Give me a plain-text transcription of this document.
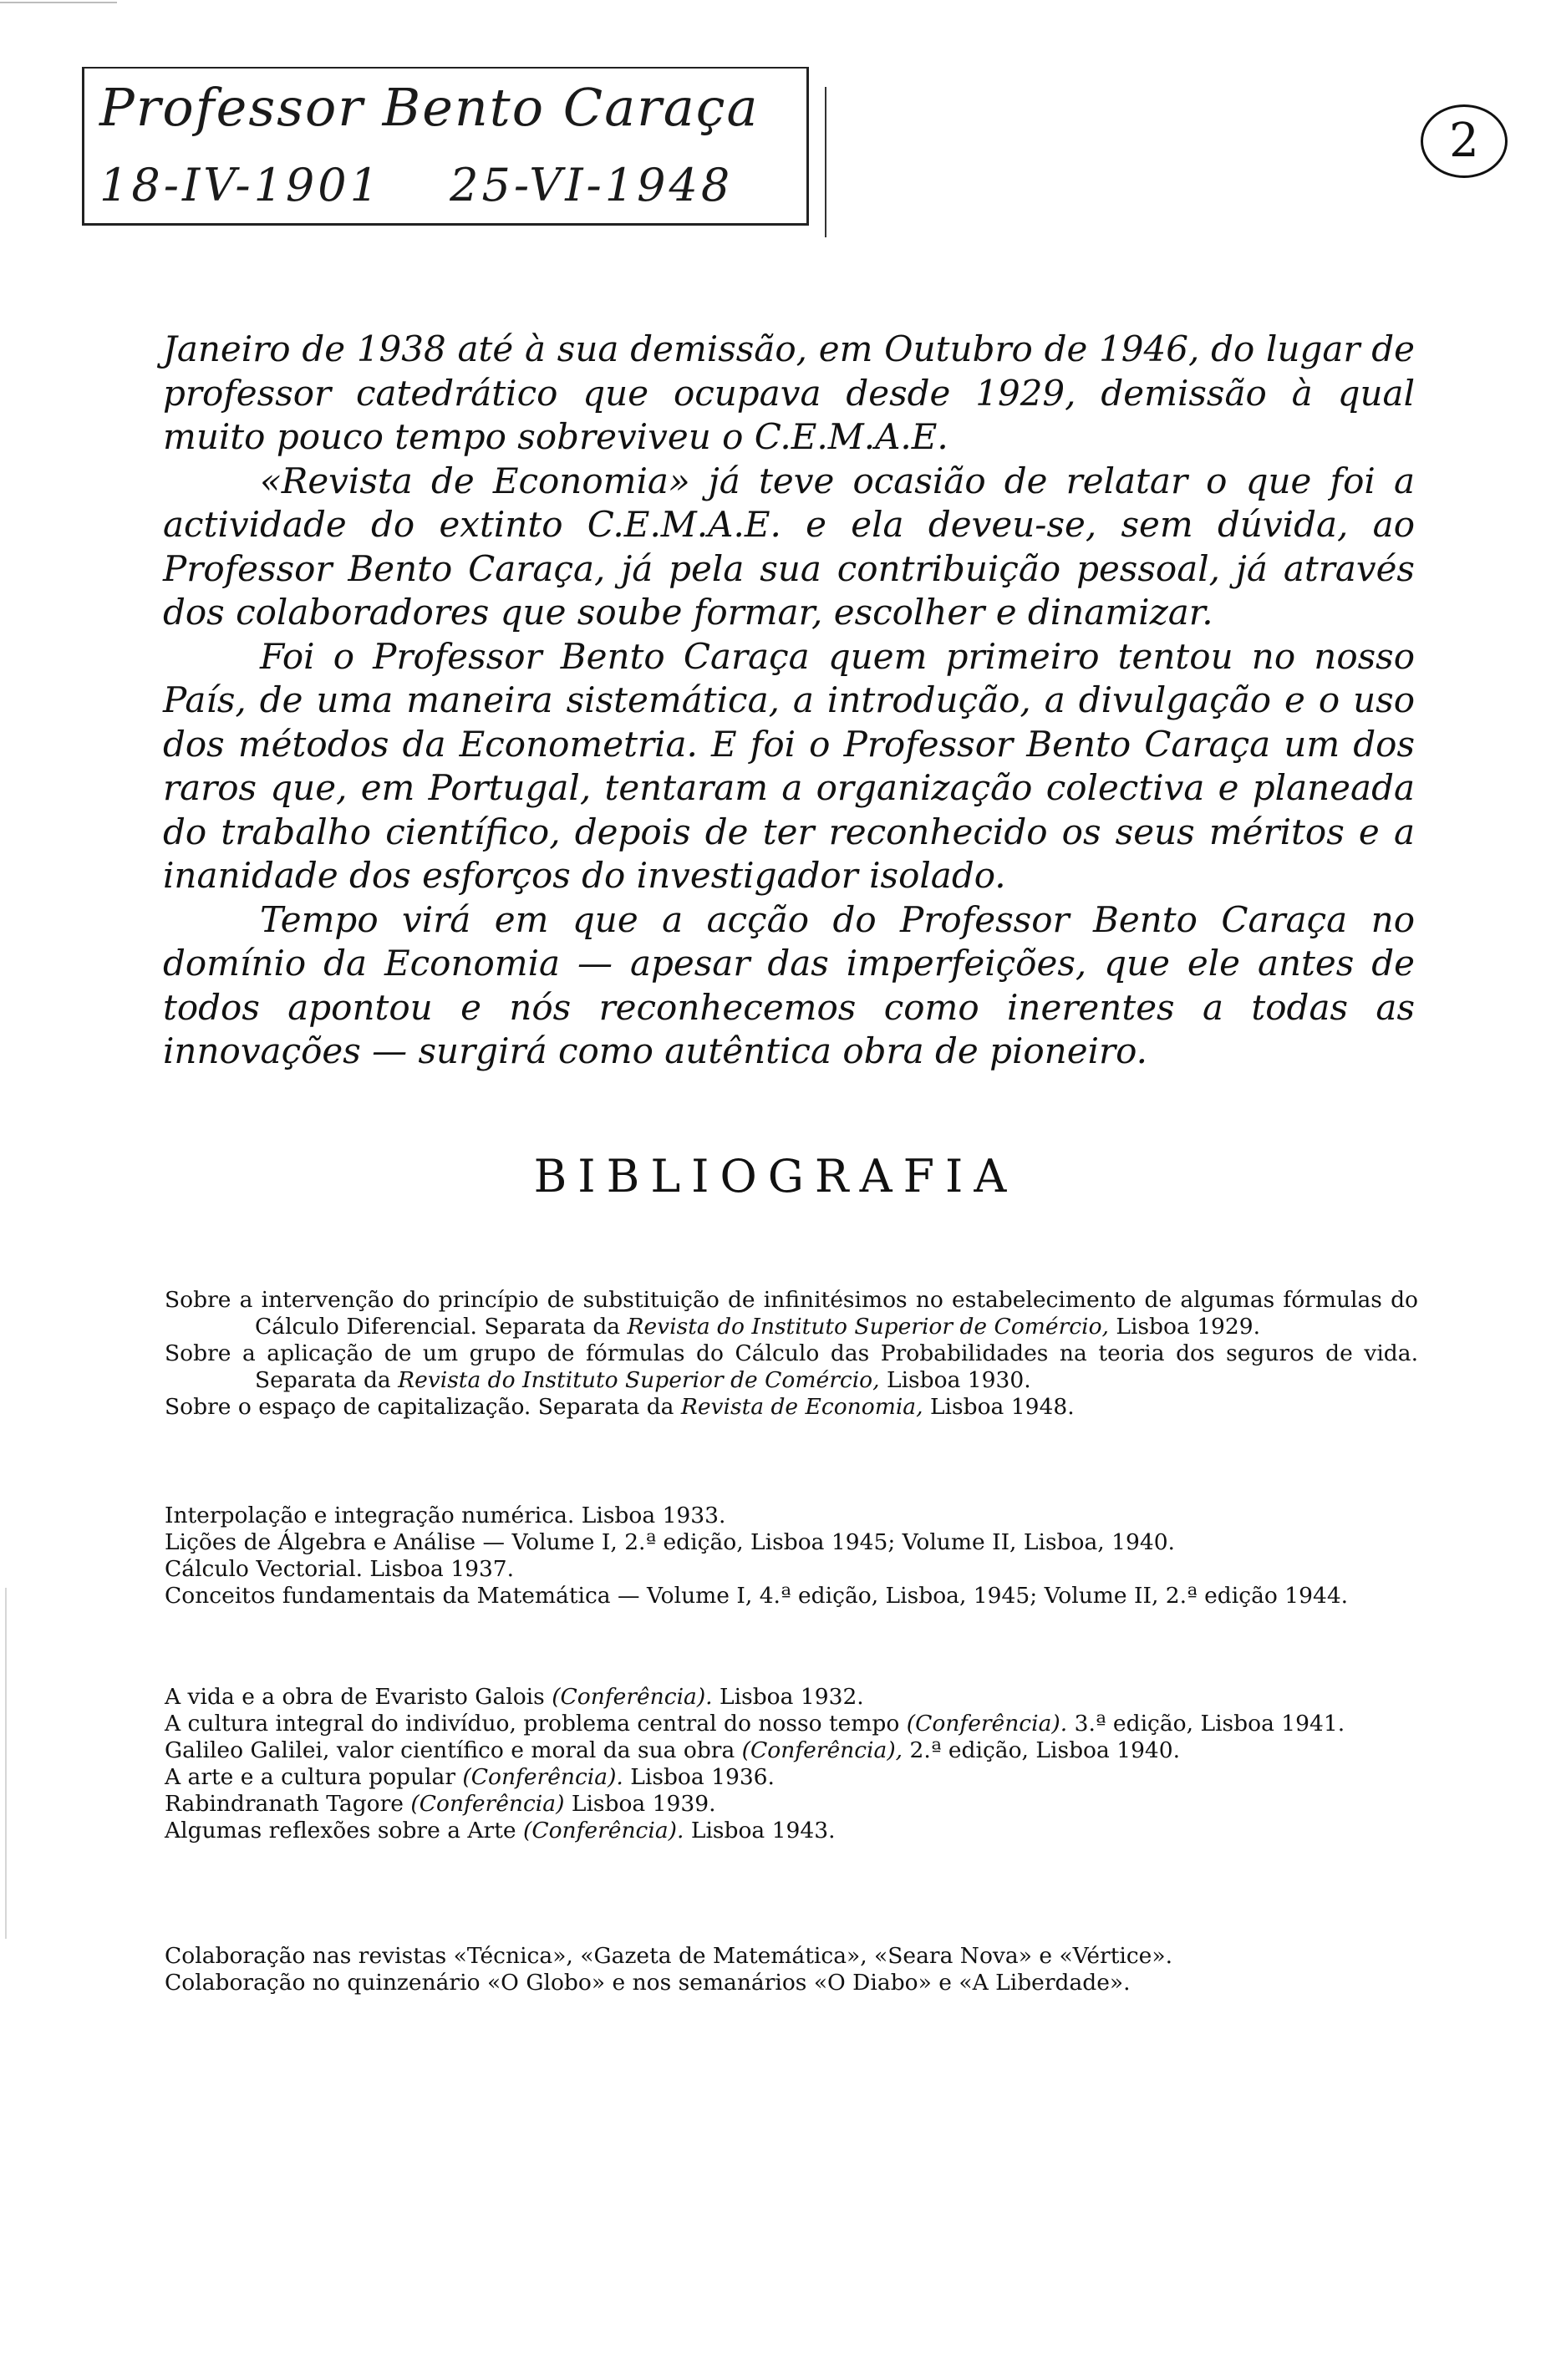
Professor Bento Caraça
18-IV-1901 25-VI-1948
2

Janeiro de 1938 até à sua demissão, em Outubro de 1946, do lugar de professor catedrático que ocupava desde 1929, demissão à qual muito pouco tempo sobreviveu o C.E.M.A.E.

«Revista de Economia» já teve ocasião de relatar o que foi a actividade do extinto C.E.M.A.E. e ela deveu-se, sem dúvida, ao Professor Bento Caraça, já pela sua contribuição pessoal, já através dos colaboradores que soube formar, escolher e dinamizar.

Foi o Professor Bento Caraça quem primeiro tentou no nosso País, de uma maneira sistemática, a introdução, a divulgação e o uso dos métodos da Econometria. E foi o Professor Bento Caraça um dos raros que, em Portugal, tentaram a organização colectiva e planeada do trabalho científico, depois de ter reconhecido os seus méritos e a inanidade dos esforços do investigador isolado.

Tempo virá em que a acção do Professor Bento Caraça no domínio da Economia — apesar das imperfeições, que ele antes de todos apontou e nós reconhecemos como inerentes a todas as innovações — surgirá como autêntica obra de pioneiro.

BIBLIOGRAFIA

Sobre a intervenção do princípio de substituição de infinitésimos no estabelecimento de algumas fórmulas do Cálculo Diferencial. Separata da Revista do Instituto Superior de Comércio, Lisboa 1929.

Sobre a aplicação de um grupo de fórmulas do Cálculo das Probabilidades na teoria dos seguros de vida. Separata da Revista do Instituto Superior de Comércio, Lisboa 1930.

Sobre o espaço de capitalização. Separata da Revista de Economia, Lisboa 1948.

Interpolação e integração numérica. Lisboa 1933.

Lições de Álgebra e Análise — Volume I, 2.ª edição, Lisboa 1945; Volume II, Lisboa, 1940.

Cálculo Vectorial. Lisboa 1937.

Conceitos fundamentais da Matemática — Volume I, 4.ª edição, Lisboa, 1945; Volume II, 2.ª edição 1944.

A vida e a obra de Evaristo Galois (Conferência). Lisboa 1932.

A cultura integral do indivíduo, problema central do nosso tempo (Conferência). 3.ª edição, Lisboa 1941.

Galileo Galilei, valor científico e moral da sua obra (Conferência), 2.ª edição, Lisboa 1940.

A arte e a cultura popular (Conferência). Lisboa 1936.

Rabindranath Tagore (Conferência) Lisboa 1939.

Algumas reflexões sobre a Arte (Conferência). Lisboa 1943.

Colaboração nas revistas «Técnica», «Gazeta de Matemática», «Seara Nova» e «Vértice».

Colaboração no quinzenário «O Globo» e nos semanários «O Diabo» e «A Liberdade».
